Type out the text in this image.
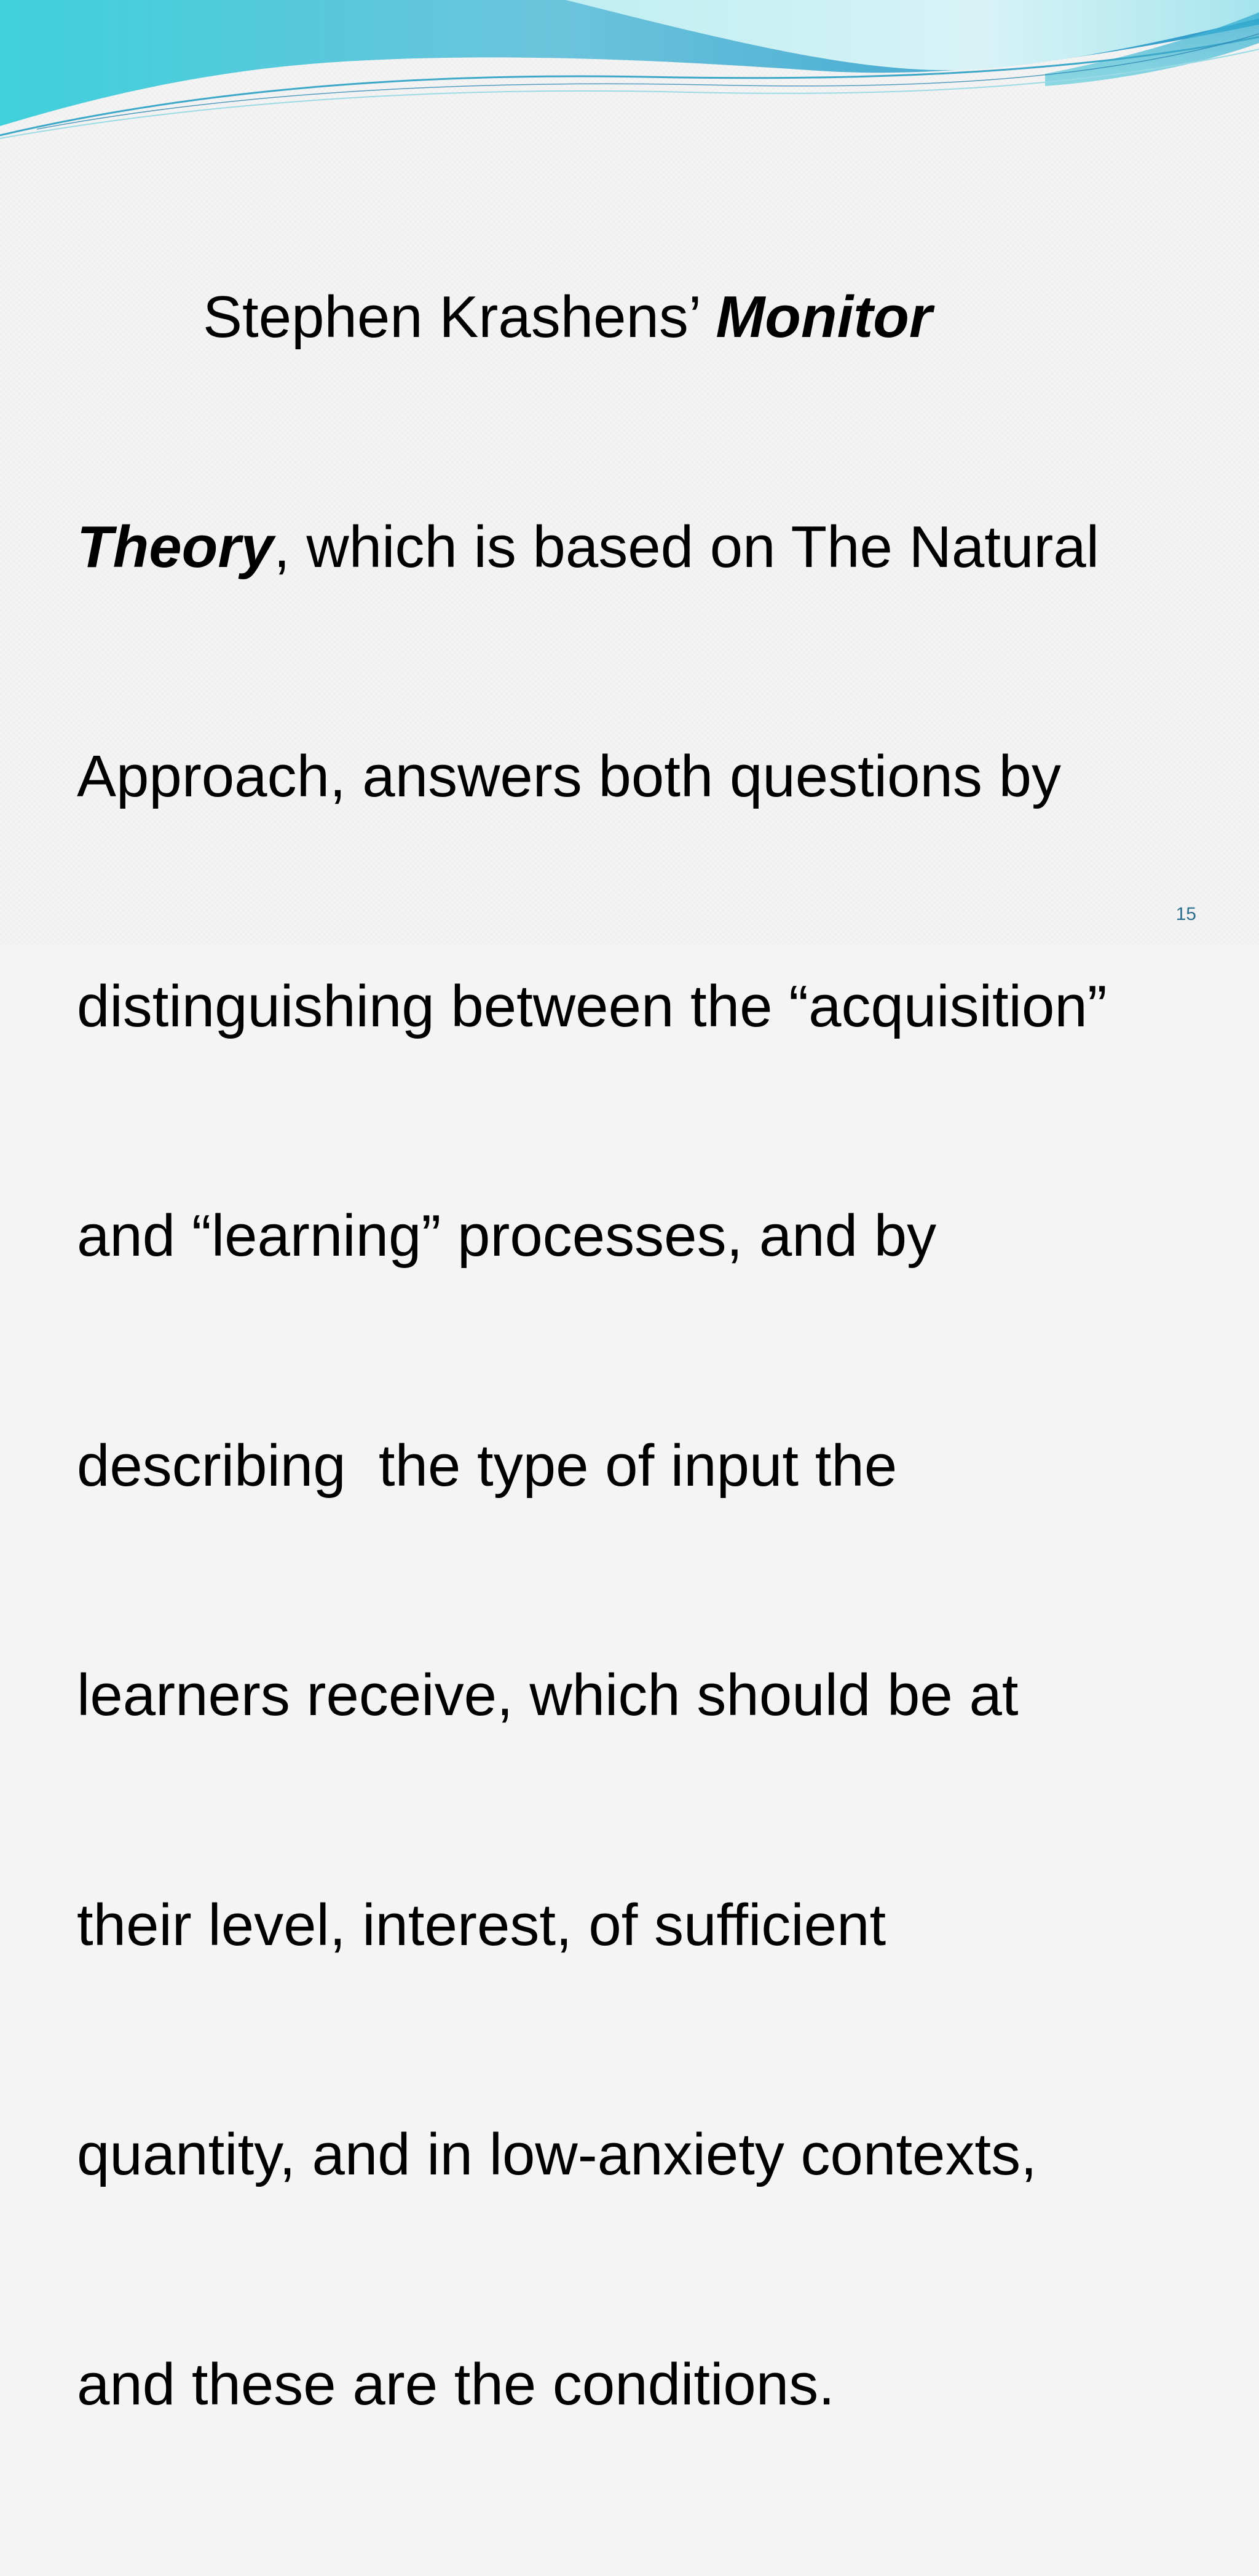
Stephen Krashens’ Monitor

Theory, which is based on The Natural

Approach, answers both questions by

distinguishing between the “acquisition”

and “learning” processes, and by

describing  the type of input the

learners receive, which should be at

their level, interest, of sufficient

quantity, and in low-anxiety contexts,

and these are the conditions.

15
